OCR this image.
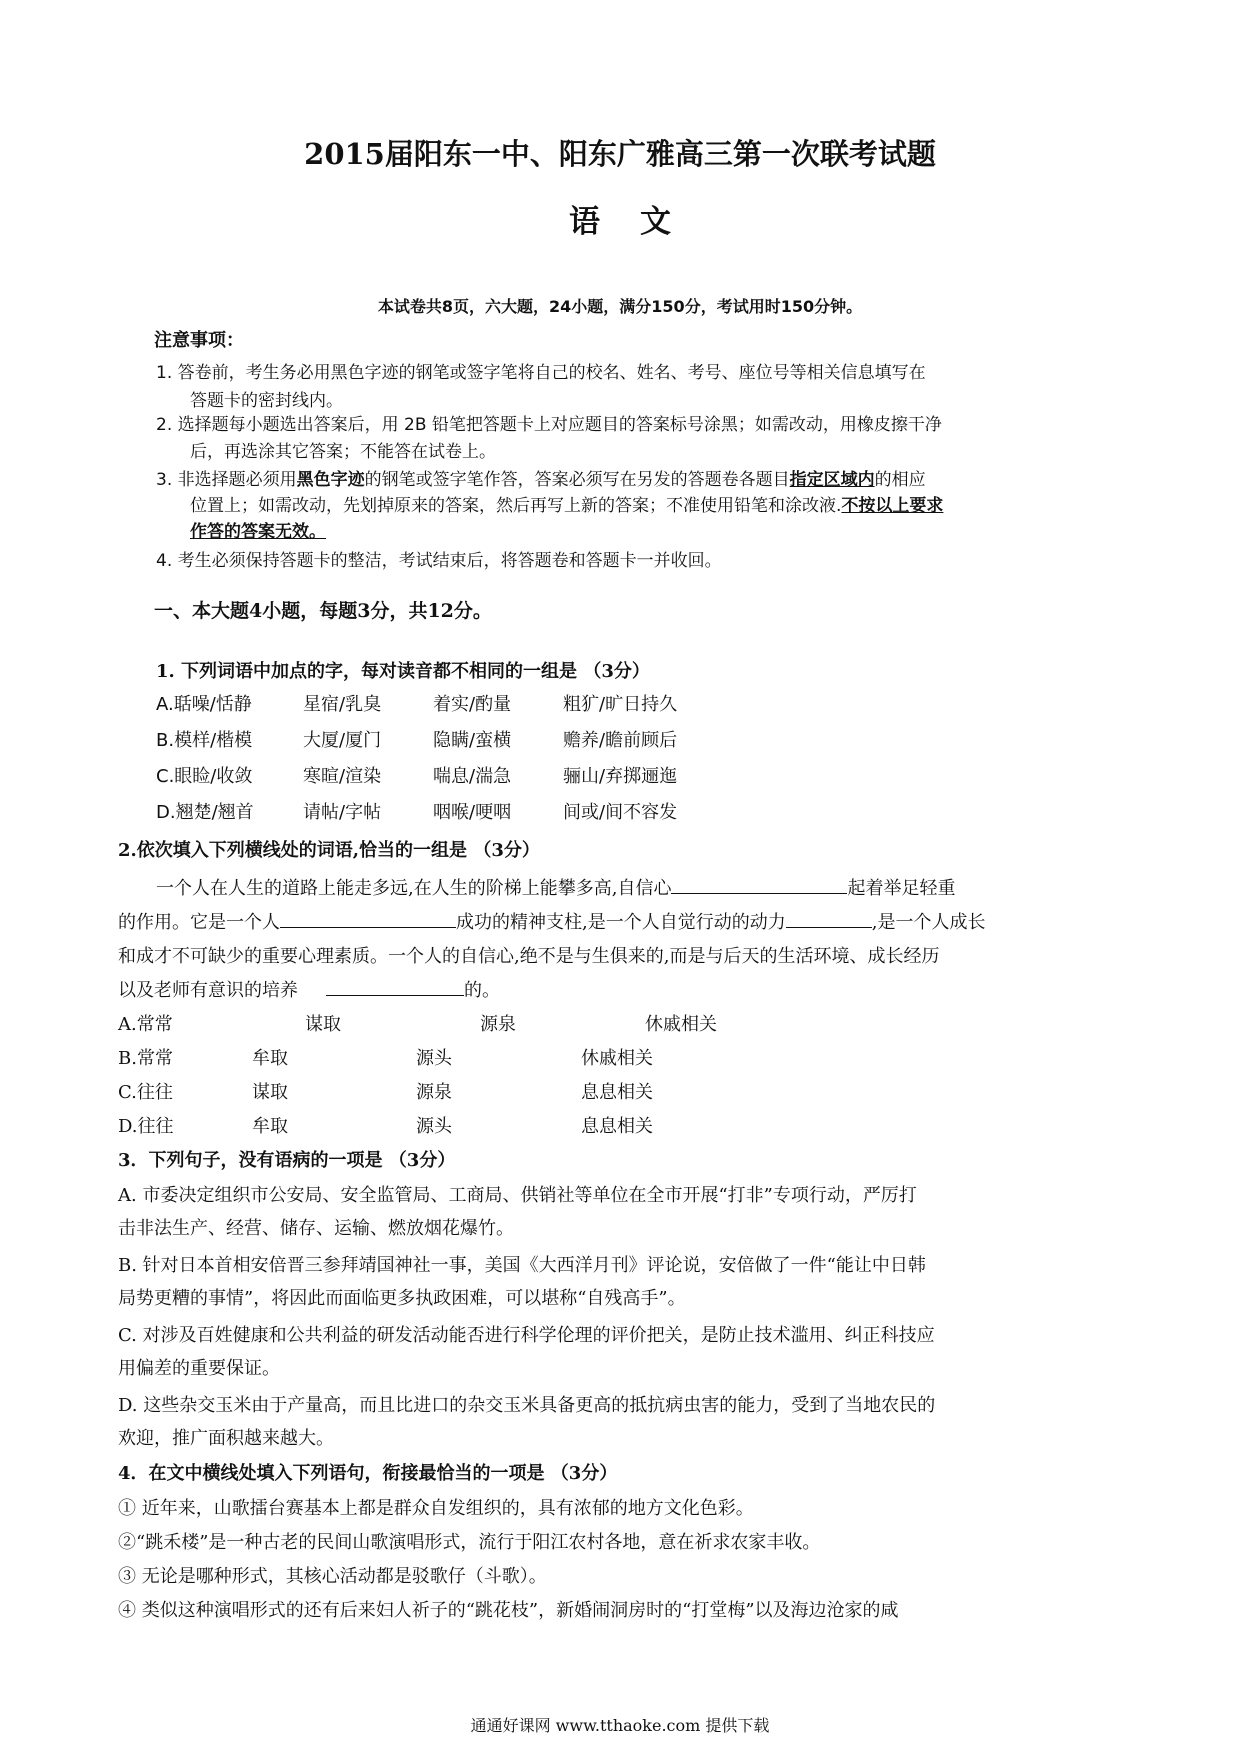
2015届阳东一中、阳东广雅高三第一次联考试题
语文
本试卷共8页，六大题，24小题，满分150分，考试用时150分钟。
注意事项：
1. 答卷前，考生务必用黑色字迹的钢笔或签字笔将自己的校名、姓名、考号、座位号等相关信息填写在
答题卡的密封线内。
2. 选择题每小题选出答案后，用 2B 铅笔把答题卡上对应题目的答案标号涂黑；如需改动，用橡皮擦干净
后，再选涂其它答案；不能答在试卷上。
3. 非选择题必须用黑色字迹的钢笔或签字笔作答，答案必须写在另发的答题卷各题目指定区域内的相应
位置上；如需改动，先划掉原来的答案，然后再写上新的答案；不准使用铅笔和涂改液.不按以上要求
作答的答案无效。
4. 考生必须保持答题卡的整洁，考试结束后，将答题卷和答题卡一并收回。
一、本大题4小题，每题3分，共12分。
1. 下列词语中加点的字，每对读音都不相同的一组是 （3分）
A.聒噪/恬静	星宿/乳臭	着实/酌量	粗犷/旷日持久
B.模样/楷模	大厦/厦门	隐瞒/蛮横	赡养/瞻前顾后
C.眼睑/收敛	寒暄/渲染	喘息/湍急	骊山/弃掷逦迤
D.翘楚/翘首	请帖/字帖	咽喉/哽咽	间或/间不容发
2.依次填入下列横线处的词语,恰当的一组是 （3分）
一个人在人生的道路上能走多远,在人生的阶梯上能攀多高,自信心	起着举足轻重
的作用。它是一个人	成功的精神支柱,是一个人自觉行动的动力	,是一个人成长
和成才不可缺少的重要心理素质。一个人的自信心,绝不是与生俱来的,而是与后天的生活环境、成长经历
以及老师有意识的培养	的。
A.常常	谋取	源泉	休戚相关
B.常常	牟取	源头	休戚相关
C.往往	谋取	源泉	息息相关
D.往往	牟取	源头	息息相关
3．下列句子，没有语病的一项是 （3分）
A. 市委决定组织市公安局、安全监管局、工商局、供销社等单位在全市开展“打非”专项行动，严厉打
击非法生产、经营、储存、运输、燃放烟花爆竹。
B. 针对日本首相安倍晋三参拜靖国神社一事，美国《大西洋月刊》评论说，安倍做了一件“能让中日韩
局势更糟的事情”，将因此而面临更多执政困难，可以堪称“自残高手”。
C. 对涉及百姓健康和公共利益的研发活动能否进行科学伦理的评价把关，是防止技术滥用、纠正科技应
用偏差的重要保证。
D. 这些杂交玉米由于产量高，而且比进口的杂交玉米具备更高的抵抗病虫害的能力，受到了当地农民的
欢迎，推广面积越来越大。
4．在文中横线处填入下列语句，衔接最恰当的一项是 （3分）
① 近年来，山歌擂台赛基本上都是群众自发组织的，具有浓郁的地方文化色彩。
②“跳禾楼”是一种古老的民间山歌演唱形式，流行于阳江农村各地，意在祈求农家丰收。
③ 无论是哪种形式，其核心活动都是驳歌仔（斗歌）。
④ 类似这种演唱形式的还有后来妇人祈子的“跳花枝”，新婚闹洞房时的“打堂梅”以及海边沧家的咸
通通好课网 www.tthaoke.com 提供下载
